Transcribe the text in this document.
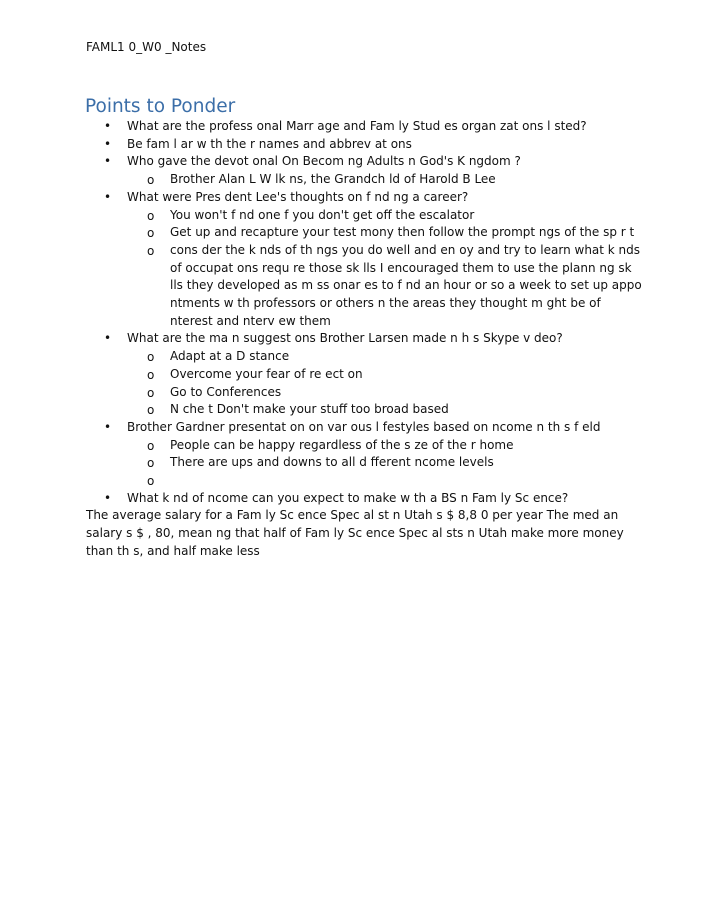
FAML1 0_W0 _Notes
Points to Ponder
• What are the profess onal Marr age and Fam ly Stud es organ zat ons l sted?
• Be fam l ar w th the r names and abbrev at ons
• Who gave the devot onal On Becom ng Adults n God's K ngdom ?
o Brother Alan L W lk ns, the Grandch ld of Harold B Lee
• What were Pres dent Lee's thoughts on f nd ng a career?
o You won't f nd one f you don't get off the escalator
o Get up and recapture your test mony then follow the prompt ngs of the sp r t
o cons der the k nds of th ngs you do well and en oy and try to learn what k nds of occupat ons requ re those sk lls I encouraged them to use the plann ng sk lls they developed as m ss onar es to f nd an hour or so a week to set up appo ntments w th professors or others n the areas they thought m ght be of nterest and nterv ew them
• What are the ma n suggest ons Brother Larsen made n h s Skype v deo?
o Adapt at a D stance
o Overcome your fear of re ect on
o Go to Conferences
o N che t Don't make your stuff too broad based
• Brother Gardner presentat on on var ous l festyles based on ncome n th s f eld
o People can be happy regardless of the s ze of the r home
o There are ups and downs to all d fferent ncome levels
o

• What k nd of ncome can you expect to make w th a BS n Fam ly Sc ence?

The average salary for a Fam ly Sc ence Spec al st n Utah s $ 8,8 0 per year The med an salary s $ , 80, mean ng that half of Fam ly Sc ence Spec al sts n Utah make more money than th s, and half make less
